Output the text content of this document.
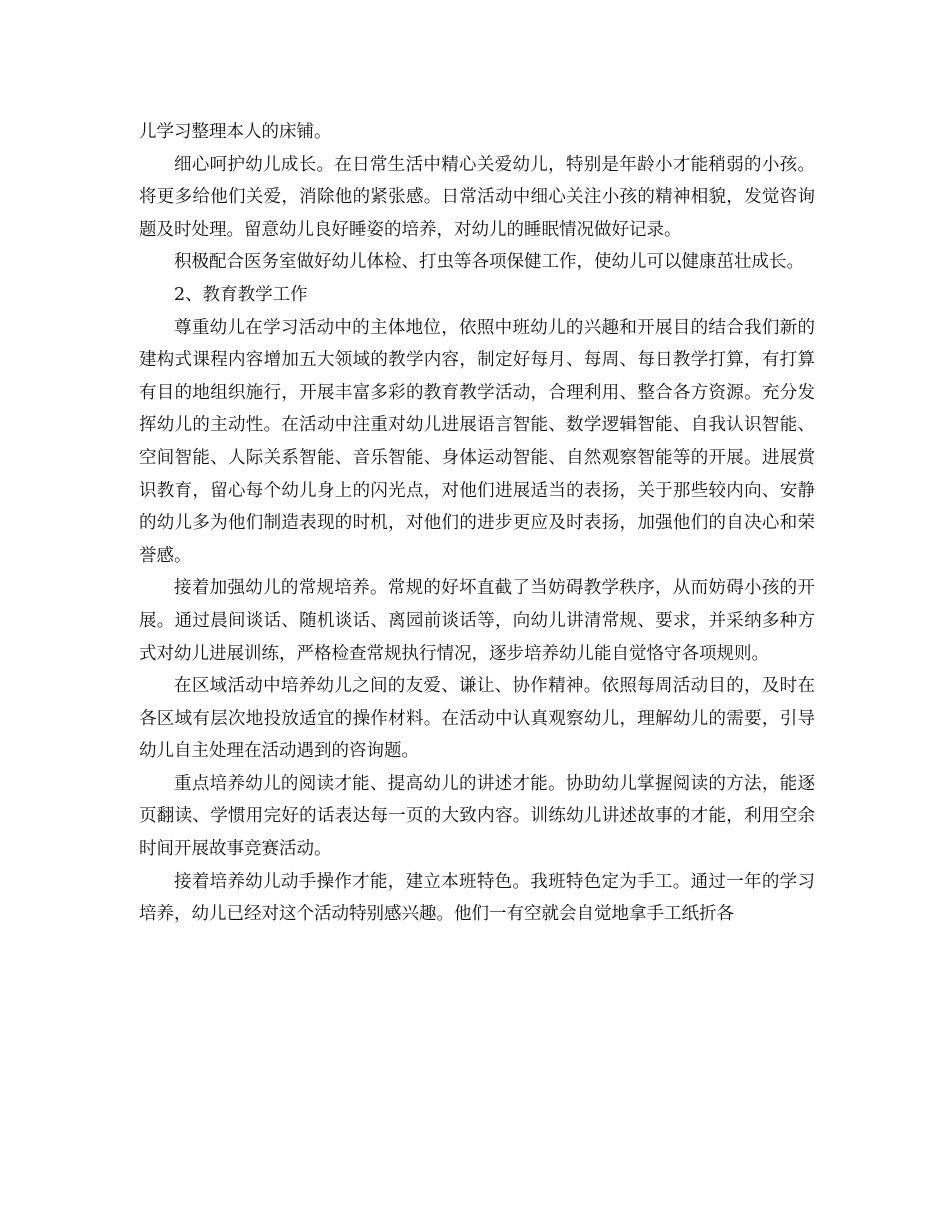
儿学习整理本人的床铺。

细心呵护幼儿成长。在日常生活中精心关爱幼儿，特别是年龄小才能稍弱的小孩。将更多给他们关爱，消除他的紧张感。日常活动中细心关注小孩的精神相貌，发觉咨询题及时处理。留意幼儿良好睡姿的培养，对幼儿的睡眠情况做好记录。

积极配合医务室做好幼儿体检、打虫等各项保健工作，使幼儿可以健康茁壮成长。

2、教育教学工作

尊重幼儿在学习活动中的主体地位，依照中班幼儿的兴趣和开展目的结合我们新的建构式课程内容增加五大领域的教学内容，制定好每月、每周、每日教学打算，有打算有目的地组织施行，开展丰富多彩的教育教学活动，合理利用、整合各方资源。充分发挥幼儿的主动性。在活动中注重对幼儿进展语言智能、数学逻辑智能、自我认识智能、空间智能、人际关系智能、音乐智能、身体运动智能、自然观察智能等的开展。进展赏识教育，留心每个幼儿身上的闪光点，对他们进展适当的表扬，关于那些较内向、安静的幼儿多为他们制造表现的时机，对他们的进步更应及时表扬，加强他们的自决心和荣誉感。

接着加强幼儿的常规培养。常规的好坏直截了当妨碍教学秩序，从而妨碍小孩的开展。通过晨间谈话、随机谈话、离园前谈话等，向幼儿讲清常规、要求，并采纳多种方式对幼儿进展训练，严格检查常规执行情况，逐步培养幼儿能自觉恪守各项规则。

在区域活动中培养幼儿之间的友爱、谦让、协作精神。依照每周活动目的，及时在各区域有层次地投放适宜的操作材料。在活动中认真观察幼儿，理解幼儿的需要，引导幼儿自主处理在活动遇到的咨询题。

重点培养幼儿的阅读才能、提高幼儿的讲述才能。协助幼儿掌握阅读的方法，能逐页翻读、学惯用完好的话表达每一页的大致内容。训练幼儿讲述故事的才能，利用空余时间开展故事竞赛活动。

接着培养幼儿动手操作才能，建立本班特色。我班特色定为手工。通过一年的学习培养，幼儿已经对这个活动特别感兴趣。他们一有空就会自觉地拿手工纸折各
